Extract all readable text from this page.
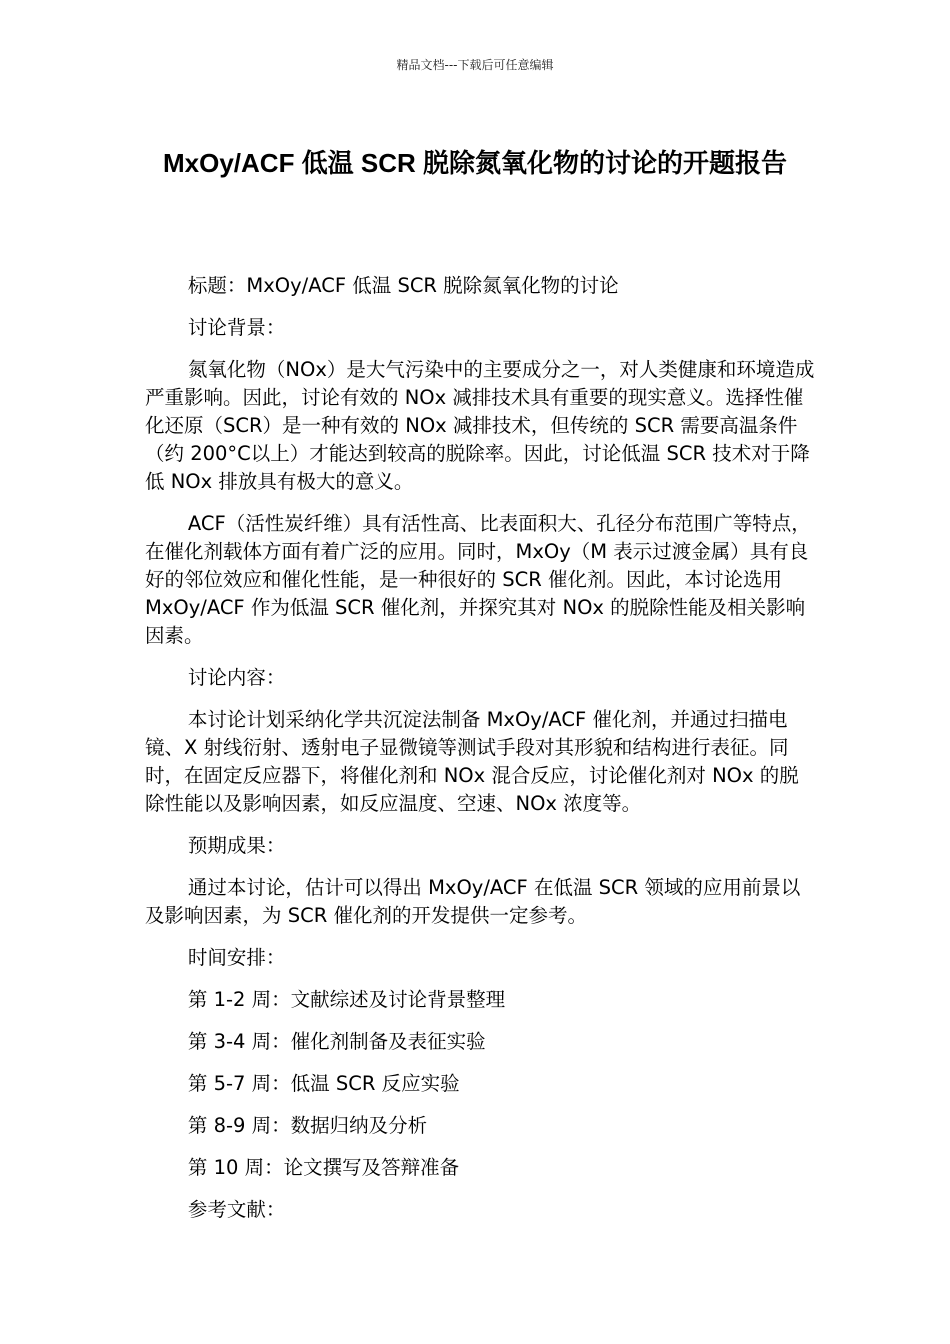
精品文档---下载后可任意编辑
MxOy/ACF 低温 SCR 脱除氮氧化物的讨论的开题报告

标题：MxOy/ACF 低温 SCR 脱除氮氧化物的讨论

讨论背景：

氮氧化物（NOx）是大气污染中的主要成分之一，对人类健康和环境造成严重影响。因此，讨论有效的 NOx 减排技术具有重要的现实意义。选择性催化还原（SCR）是一种有效的 NOx 减排技术，但传统的 SCR 需要高温条件（约 200°C以上）才能达到较高的脱除率。因此，讨论低温 SCR 技术对于降低 NOx 排放具有极大的意义。

ACF（活性炭纤维）具有活性高、比表面积大、孔径分布范围广等特点，在催化剂载体方面有着广泛的应用。同时，MxOy（M 表示过渡金属）具有良好的邻位效应和催化性能，是一种很好的 SCR 催化剂。因此，本讨论选用 MxOy/ACF 作为低温 SCR 催化剂，并探究其对 NOx 的脱除性能及相关影响因素。

讨论内容：

本讨论计划采纳化学共沉淀法制备 MxOy/ACF 催化剂，并通过扫描电镜、X 射线衍射、透射电子显微镜等测试手段对其形貌和结构进行表征。同时，在固定反应器下，将催化剂和 NOx 混合反应，讨论催化剂对 NOx 的脱除性能以及影响因素，如反应温度、空速、NOx 浓度等。

预期成果：

通过本讨论，估计可以得出 MxOy/ACF 在低温 SCR 领域的应用前景以及影响因素，为 SCR 催化剂的开发提供一定参考。

时间安排：

第 1-2 周：文献综述及讨论背景整理

第 3-4 周：催化剂制备及表征实验

第 5-7 周：低温 SCR 反应实验

第 8-9 周：数据归纳及分析

第 10 周：论文撰写及答辩准备

参考文献：
